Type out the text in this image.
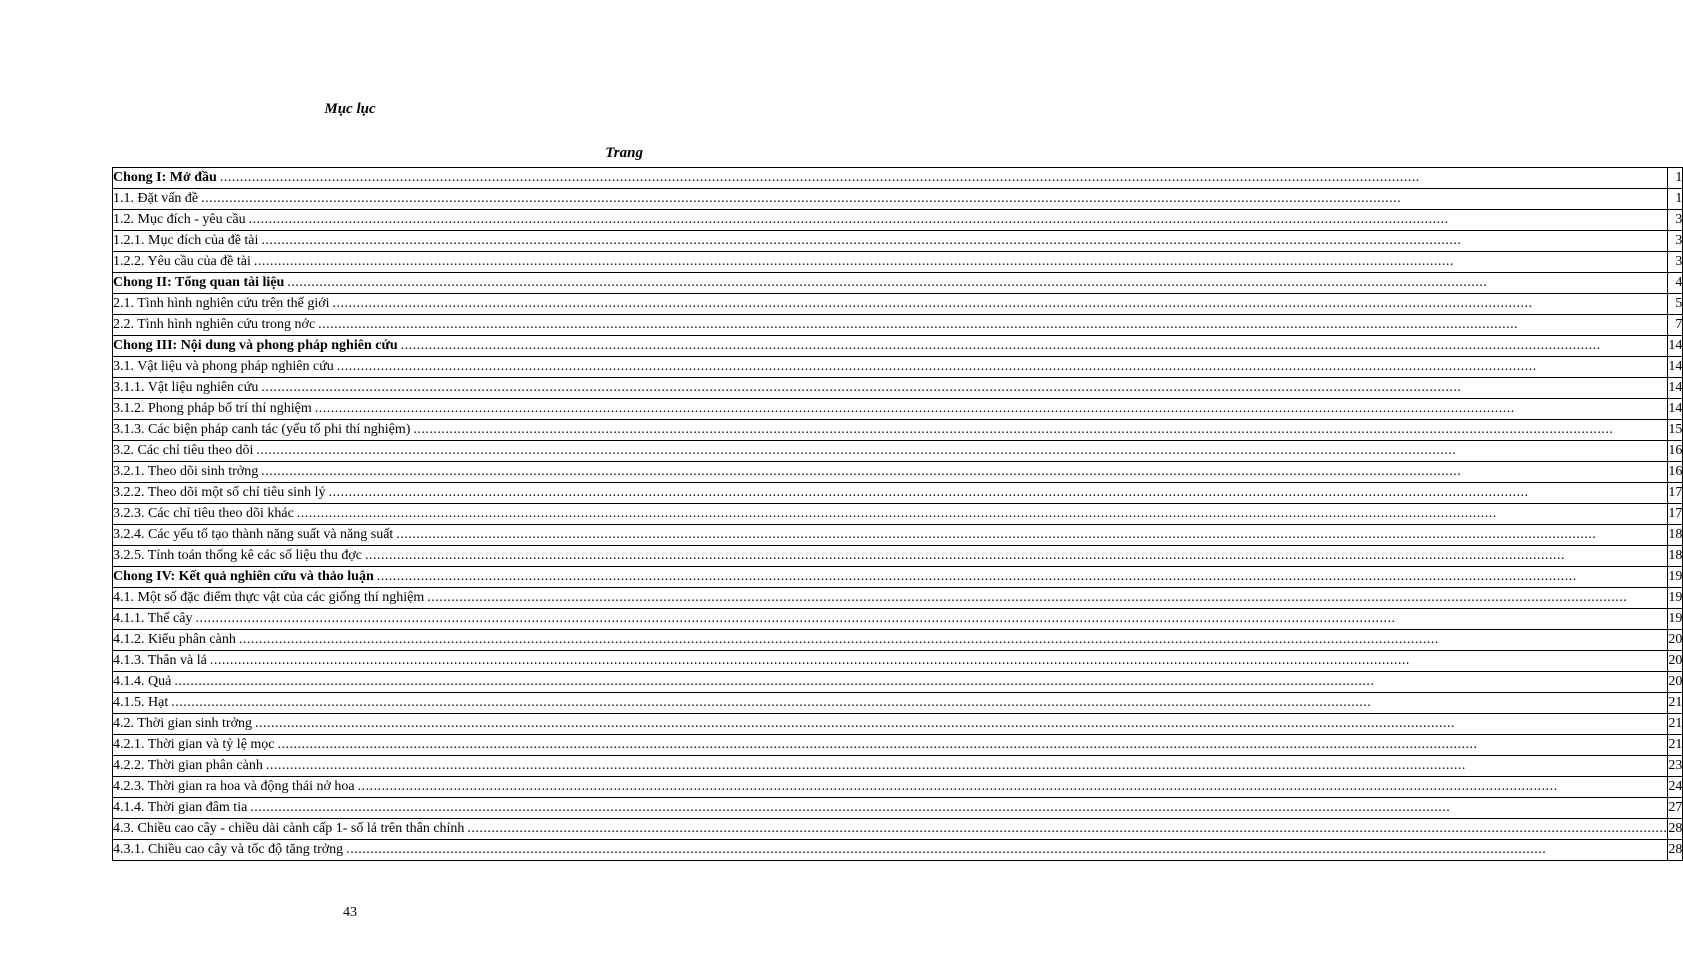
Mục lục
Trang
Chong I: Mở đầu ............................................................................................................................................................................................................................................................................................................	1

1.1. Đặt vấn đề ............................................................................................................................................................................................................................................................................................................	1

1.2. Mục đích - yêu cầu ............................................................................................................................................................................................................................................................................................................	3

1.2.1. Mục đích của đề tài ............................................................................................................................................................................................................................................................................................................	3

1.2.2. Yêu cầu của đề tài ............................................................................................................................................................................................................................................................................................................	3

Chong II: Tổng quan tài liệu ............................................................................................................................................................................................................................................................................................................	4

2.1. Tình hình nghiên cứu trên thế giới ............................................................................................................................................................................................................................................................................................................	5

2.2. Tình hình nghiên cứu trong nớc ............................................................................................................................................................................................................................................................................................................	7

Chong III: Nội dung và phong pháp nghiên cứu ............................................................................................................................................................................................................................................................................................................	14

3.1. Vật liệu và phong pháp nghiên cứu ............................................................................................................................................................................................................................................................................................................	14

3.1.1. Vật liệu nghiên cứu ............................................................................................................................................................................................................................................................................................................	14

3.1.2. Phong pháp bố trí thí nghiệm ............................................................................................................................................................................................................................................................................................................	14

3.1.3. Các biện pháp canh tác (yếu tố phi thí nghiệm) ............................................................................................................................................................................................................................................................................................................	15

3.2. Các chỉ tiêu theo dõi ............................................................................................................................................................................................................................................................................................................	16

3.2.1. Theo dõi sinh trởng ............................................................................................................................................................................................................................................................................................................	16

3.2.2. Theo dõi một số chỉ tiêu sinh lý ............................................................................................................................................................................................................................................................................................................	17

3.2.3. Các chỉ tiêu theo dõi khác ............................................................................................................................................................................................................................................................................................................	17

3.2.4. Các yếu tố tạo thành năng suất và năng suất ............................................................................................................................................................................................................................................................................................................	18

3.2.5. Tính toán thống kê các số liệu thu đợc ............................................................................................................................................................................................................................................................................................................	18

Chong IV: Kết quả nghiên cứu và thảo luận ............................................................................................................................................................................................................................................................................................................	19

4.1. Một số đặc điểm thực vật của các giống thí nghiệm ............................................................................................................................................................................................................................................................................................................	19

4.1.1. Thế cây ............................................................................................................................................................................................................................................................................................................	19

4.1.2. Kiểu phân cành ............................................................................................................................................................................................................................................................................................................	20

4.1.3. Thân và lá ............................................................................................................................................................................................................................................................................................................	20

4.1.4. Quả ............................................................................................................................................................................................................................................................................................................	20

4.1.5. Hạt ............................................................................................................................................................................................................................................................................................................	21

4.2. Thời gian sinh trởng ............................................................................................................................................................................................................................................................................................................	21

4.2.1. Thời gian và tỷ lệ mọc ............................................................................................................................................................................................................................................................................................................	21

4.2.2. Thời gian phân cành ............................................................................................................................................................................................................................................................................................................	23

4.2.3. Thời gian ra hoa và động thái nở hoa ............................................................................................................................................................................................................................................................................................................	24

4.1.4. Thời gian đâm tia ............................................................................................................................................................................................................................................................................................................	27

4.3. Chiều cao cây - chiều dài cành cấp 1- số lá trên thân chính ............................................................................................................................................................................................................................................................................................................	28

4.3.1. Chiều cao cây và tốc độ tăng trởng ............................................................................................................................................................................................................................................................................................................	28
43
